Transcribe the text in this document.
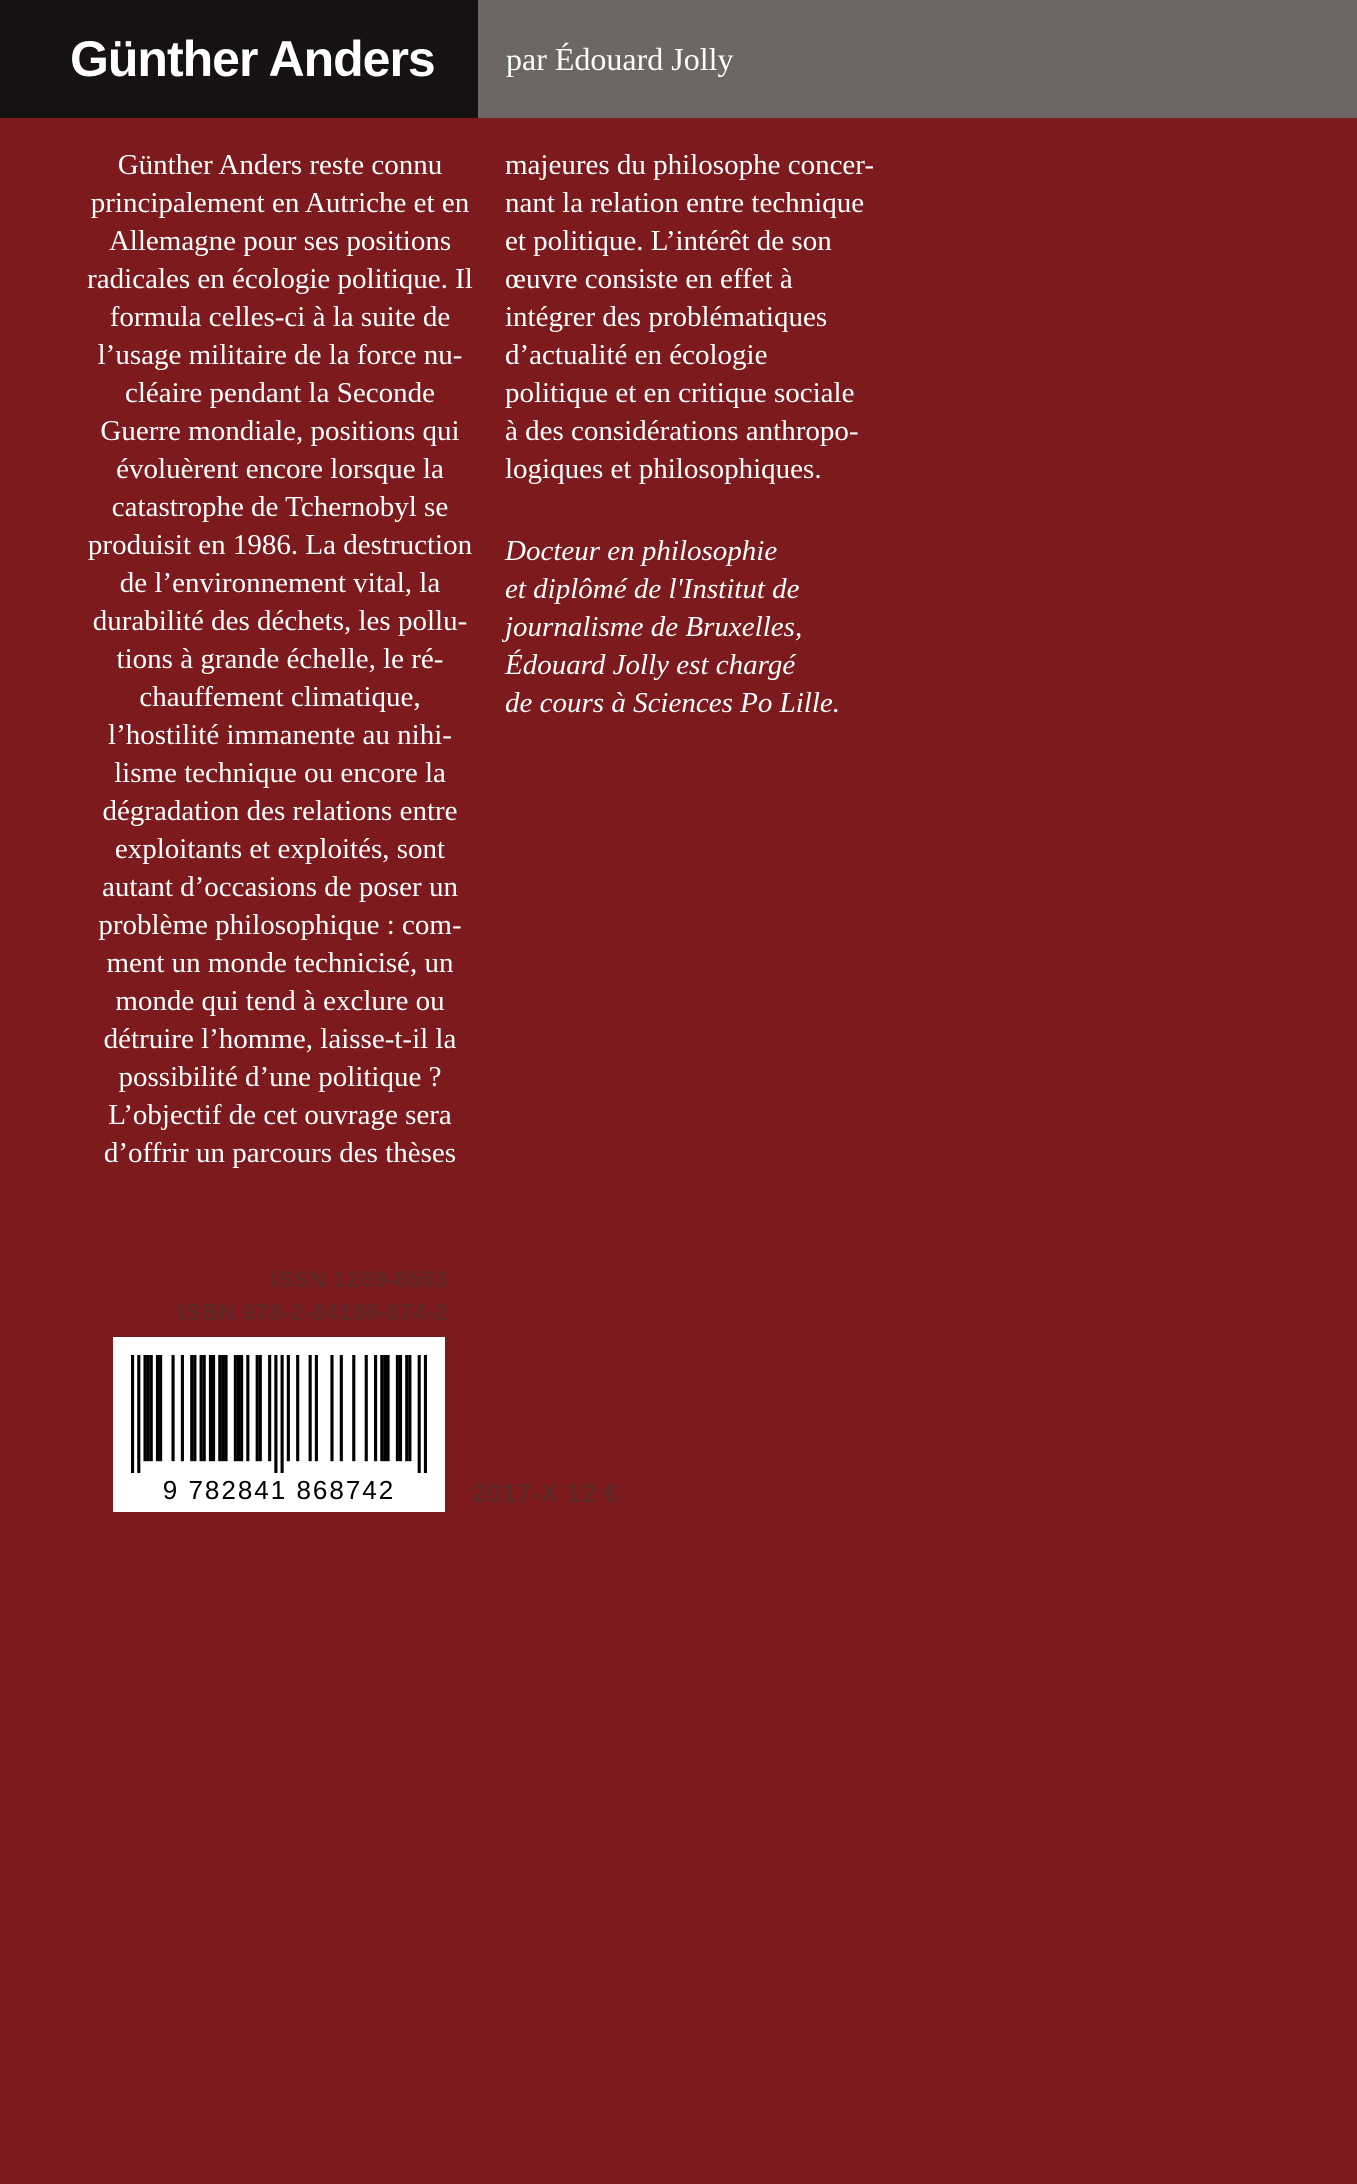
Günther Anders par Édouard Jolly
Günther Anders reste connu
principalement en Autriche et en
Allemagne pour ses positions
radicales en écologie politique. Il
formula celles-ci à la suite de
l’usage militaire de la force nu-
cléaire pendant la Seconde
Guerre mondiale, positions qui
évoluèrent encore lorsque la
catastrophe de Tchernobyl se
produisit en 1986. La destruction
de l’environnement vital, la
durabilité des déchets, les pollu-
tions à grande échelle, le ré-
chauffement climatique,
l’hostilité immanente au nihi-
lisme technique ou encore la
dégradation des relations entre
exploitants et exploités, sont
autant d’occasions de poser un
problème philosophique : com-
ment un monde technicisé, un
monde qui tend à exclure ou
détruire l’homme, laisse-t-il la
possibilité d’une politique ?
L’objectif de cet ouvrage sera
d’offrir un parcours des thèses
majeures du philosophe concer-
nant la relation entre technique
et politique. L’intérêt de son
œuvre consiste en effet à
intégrer des problématiques
d’actualité en écologie
politique et en critique sociale
à des considérations anthropo-
logiques et philosophiques.
Docteur en philosophie
et diplômé de l'Institut de
journalisme de Bruxelles,
Édouard Jolly est chargé
de cours à Sciences Po Lille.
ISSN 1269-8563
ISBN 978-2-84186-874-2
9 782841 868742	2017-X 12 €
